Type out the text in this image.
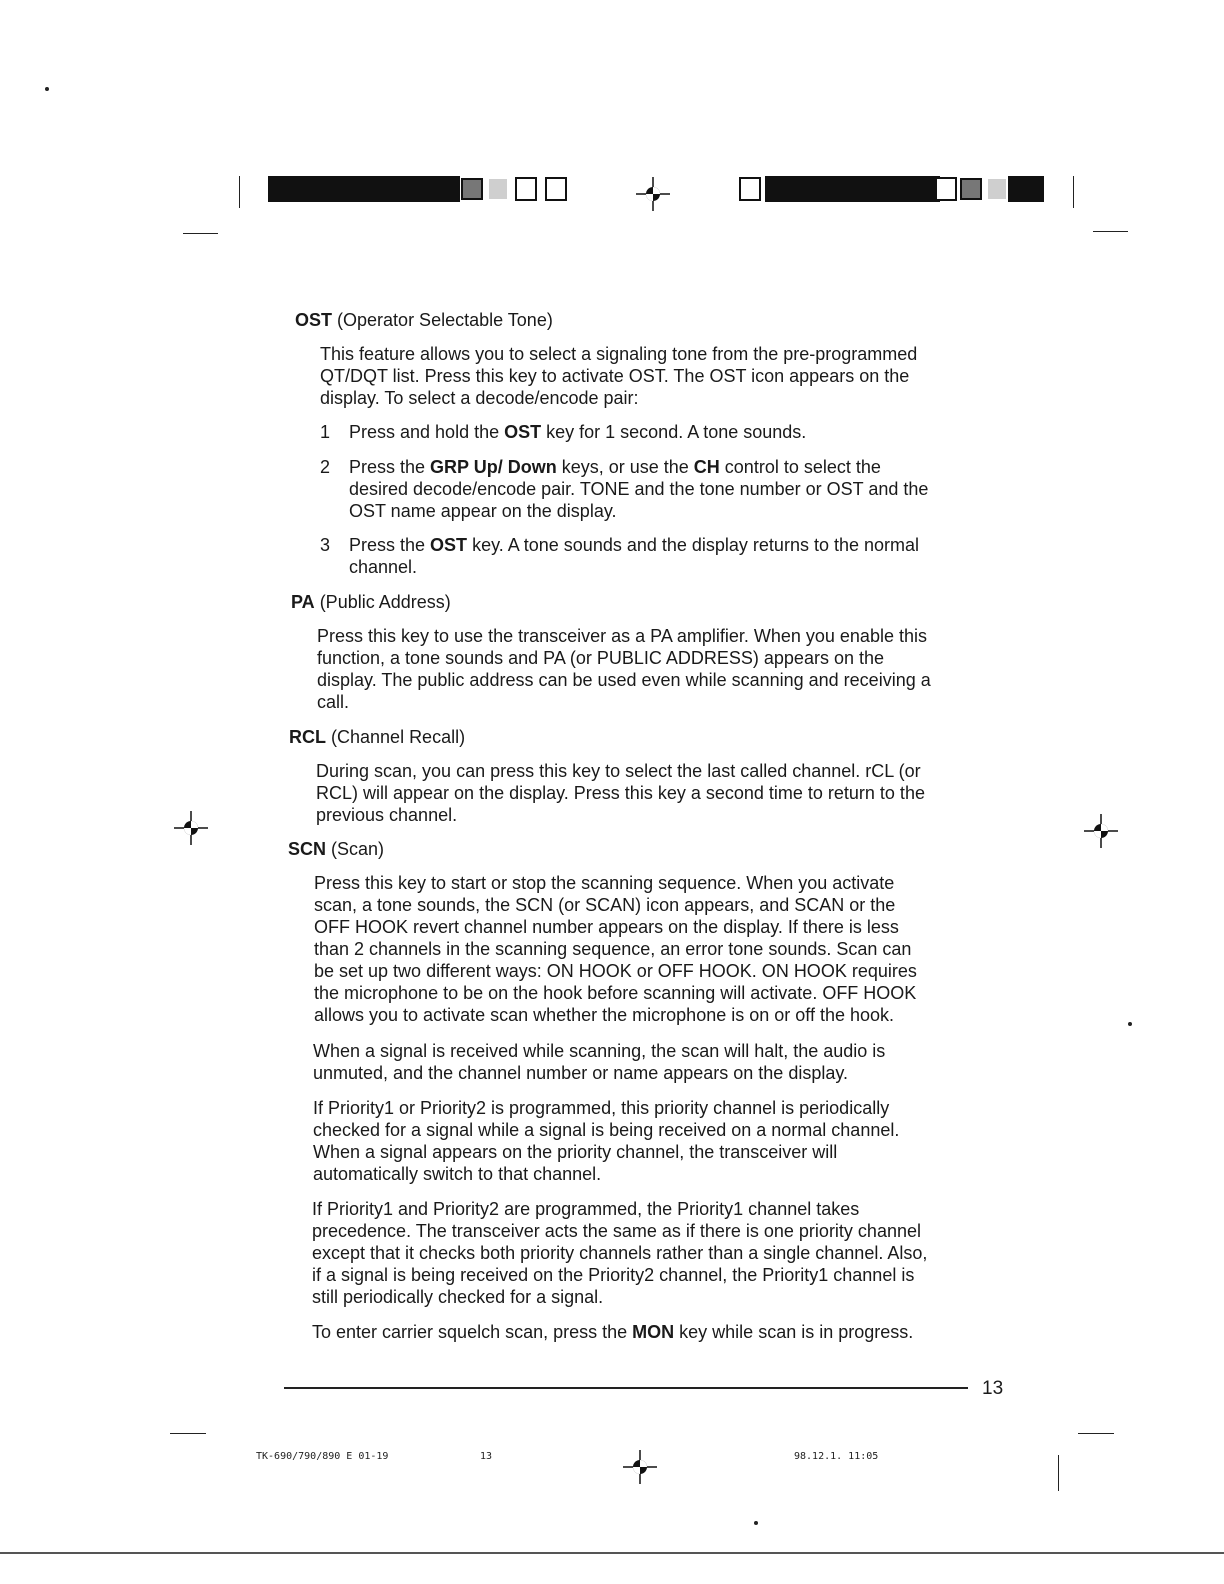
OST (Operator Selectable Tone)
This feature allows you to select a signaling tone from the pre-programmed
QT/DQT list. Press this key to activate OST. The OST icon appears on the
display. To select a decode/encode pair:
1 Press and hold the OST key for 1 second. A tone sounds.
2 Press the GRP Up/ Down keys, or use the CH control to select the
desired decode/encode pair. TONE and the tone number or OST and the
OST name appear on the display.
3 Press the OST key. A tone sounds and the display returns to the normal
channel.
PA (Public Address)
Press this key to use the transceiver as a PA amplifier. When you enable this
function, a tone sounds and PA (or PUBLIC ADDRESS) appears on the
display. The public address can be used even while scanning and receiving a
call.
RCL (Channel Recall)
During scan, you can press this key to select the last called channel. rCL (or
RCL) will appear on the display. Press this key a second time to return to the
previous channel.
SCN (Scan)
Press this key to start or stop the scanning sequence. When you activate
scan, a tone sounds, the SCN (or SCAN) icon appears, and SCAN or the
OFF HOOK revert channel number appears on the display. If there is less
than 2 channels in the scanning sequence, an error tone sounds. Scan can
be set up two different ways: ON HOOK or OFF HOOK. ON HOOK requires
the microphone to be on the hook before scanning will activate. OFF HOOK
allows you to activate scan whether the microphone is on or off the hook.
When a signal is received while scanning, the scan will halt, the audio is
unmuted, and the channel number or name appears on the display.
If Priority1 or Priority2 is programmed, this priority channel is periodically
checked for a signal while a signal is being received on a normal channel.
When a signal appears on the priority channel, the transceiver will
automatically switch to that channel.
If Priority1 and Priority2 are programmed, the Priority1 channel takes
precedence. The transceiver acts the same as if there is one priority channel
except that it checks both priority channels rather than a single channel. Also,
if a signal is being received on the Priority2 channel, the Priority1 channel is
still periodically checked for a signal.
To enter carrier squelch scan, press the MON key while scan is in progress.
13
TK-690/790/890 E 01-19	13	98.12.1. 11:05
